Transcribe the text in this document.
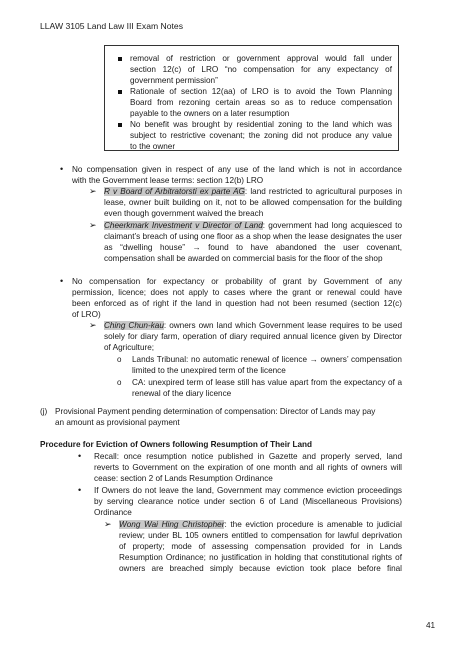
LLAW 3105 Land Law III Exam Notes
removal of restriction or government approval would fall under
section 12(c) of LRO “no compensation for any expectancy of
government permission”
Rationale of section 12(aa) of LRO is to avoid the Town Planning
Board from rezoning certain areas so as to reduce compensation
payable to the owners on a later resumption
No benefit was brought by residential zoning to the land which was
subject to restrictive covenant; the zoning did not produce any value
to the owner
• No compensation given in respect of any use of the land which is not in accordance
with the Government lease terms: section 12(b) LRO
➢ R v Board of Arbitratorsti ex parte AG: land restricted to agricultural purposes in
lease, owner built building on it, not to be allowed compensation for the building
even though government waived the breach
➢ Cheerkmark Investment v Director of Land: government had long acquiesced to
claimant’s breach of using one floor as a shop when the lease designates the user
as “dwelling house” → found to have abandoned the user covenant,
compensation shall be awarded on commercial basis for the floor of the shop
• No compensation for expectancy or probability of grant by Government of any
permission, licence; does not apply to cases where the grant or renewal could have
been enforced as of right if the land in question had not been resumed (section 12(c)
of LRO)
➢ Ching Chun-kau: owners own land which Government lease requires to be used
solely for diary farm, operation of diary required annual licence given by Director
of Agriculture;
o Lands Tribunal: no automatic renewal of licence → owners’ compensation
limited to the unexpired term of the licence
o CA: unexpired term of lease still has value apart from the expectancy of a
renewal of the diary licence
(j) Provisional Payment pending determination of compensation: Director of Lands may pay
an amount as provisional payment
Procedure for Eviction of Owners following Resumption of Their Land
• Recall: once resumption notice published in Gazette and properly served, land
reverts to Government on the expiration of one month and all rights of owners will
cease: section 2 of Lands Resumption Ordinance
• If Owners do not leave the land, Government may commence eviction proceedings
by serving clearance notice under section 6 of Land (Miscellaneous Provisions)
Ordinance
➢ Wong Wai Hing Christopher: the eviction procedure is amenable to judicial
review; under BL 105 owners entitled to compensation for lawful deprivation
of property; mode of assessing compensation provided for in Lands
Resumption Ordinance; no justification in holding that constitutional rights of
owners are breached simply because eviction took place before final
41
